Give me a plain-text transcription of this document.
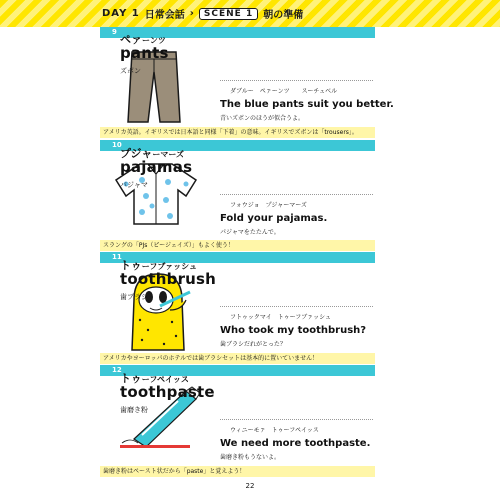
DAY 1 日常会話 ›	SCENE 1	朝の準備
9
ペァーンツ
pants
ズボン
ダブルー　ペァーンツ　　スーチュベル
The blue pants suit you better.
青いズボンのほうが似合うよ。
アメリカ英語。イギリスでは日本語と同様「下着」の意味。イギリスでズボンは「trousers」。
10
プジャーマーズ
pajamas
パジャマ
フォウジョ　プジャーマーズ
Fold your pajamas.
パジャマをたたんで。
スラングの「PJs（ピージェイズ）」もよく使う！
11
トゥーフブァッシュ
toothbrush
歯ブラシ
フトゥックマイ　トゥーフブァッシュ
Who took my toothbrush?
歯ブラシだれがとった？
アメリカやヨーロッパのホテルでは歯ブラシセットは基本的に置いていません！
12
トゥーフペイッス
toothpaste
歯磨き粉
ウィニーモァ　トゥーフペイッス
We need more toothpaste.
歯磨き粉もうないよ。
歯磨き粉はペースト状だから「paste」と覚えよう！
22
